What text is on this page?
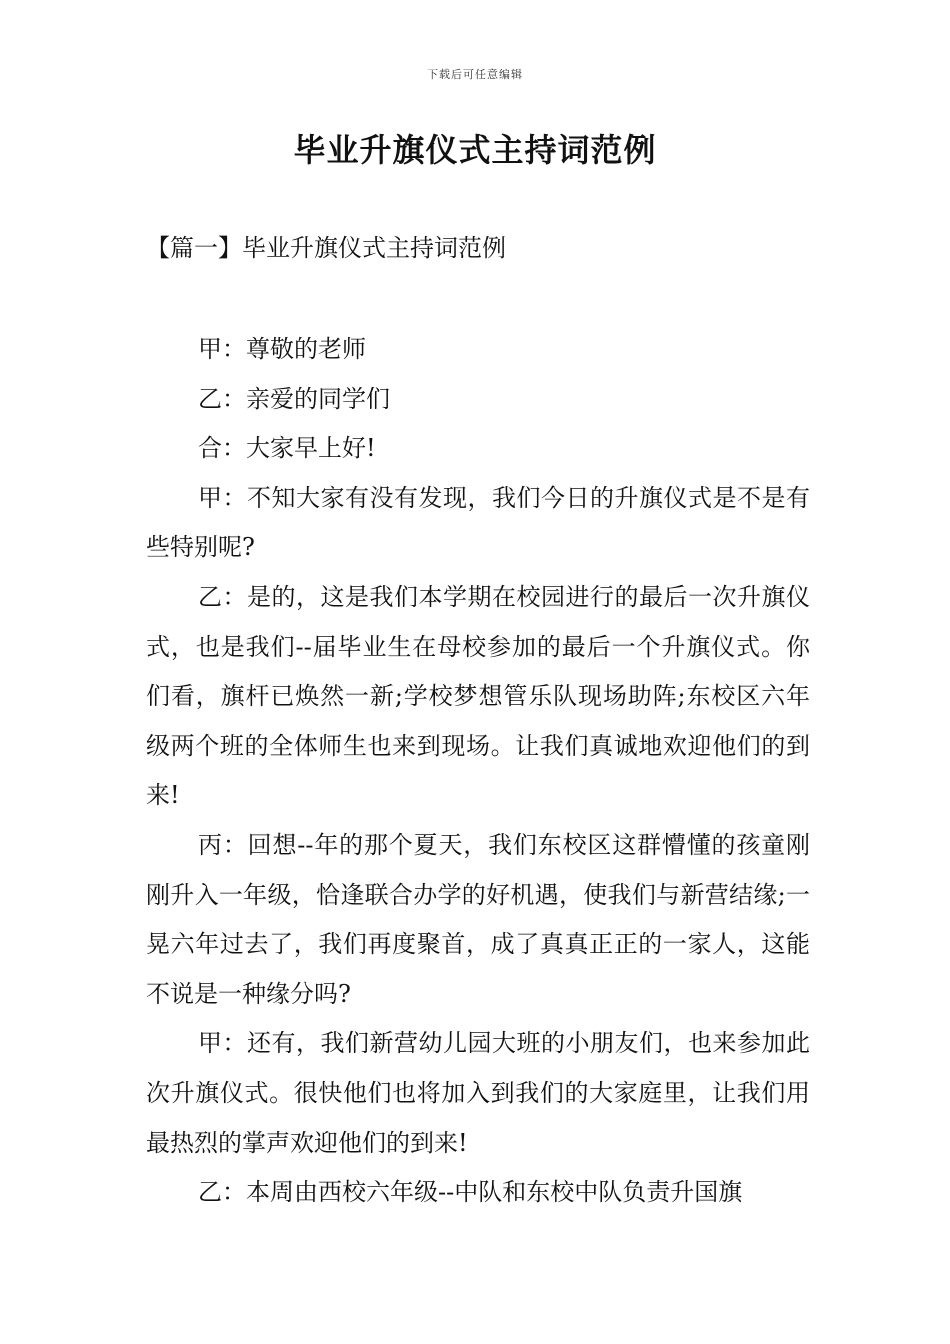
下载后可任意编辑
毕业升旗仪式主持词范例
【篇一】毕业升旗仪式主持词范例

甲：尊敬的老师

乙：亲爱的同学们

合：大家早上好!

甲：不知大家有没有发现，我们今日的升旗仪式是不是有些特别呢?

乙：是的，这是我们本学期在校园进行的最后一次升旗仪式，也是我们--届毕业生在母校参加的最后一个升旗仪式。你们看，旗杆已焕然一新;学校梦想管乐队现场助阵;东校区六年级两个班的全体师生也来到现场。让我们真诚地欢迎他们的到来!

丙：回想--年的那个夏天，我们东校区这群懵懂的孩童刚刚升入一年级，恰逢联合办学的好机遇，使我们与新营结缘;一晃六年过去了，我们再度聚首，成了真真正正的一家人，这能不说是一种缘分吗?

甲：还有，我们新营幼儿园大班的小朋友们，也来参加此次升旗仪式。很快他们也将加入到我们的大家庭里，让我们用最热烈的掌声欢迎他们的到来!

乙：本周由西校六年级--中队和东校中队负责升国旗
